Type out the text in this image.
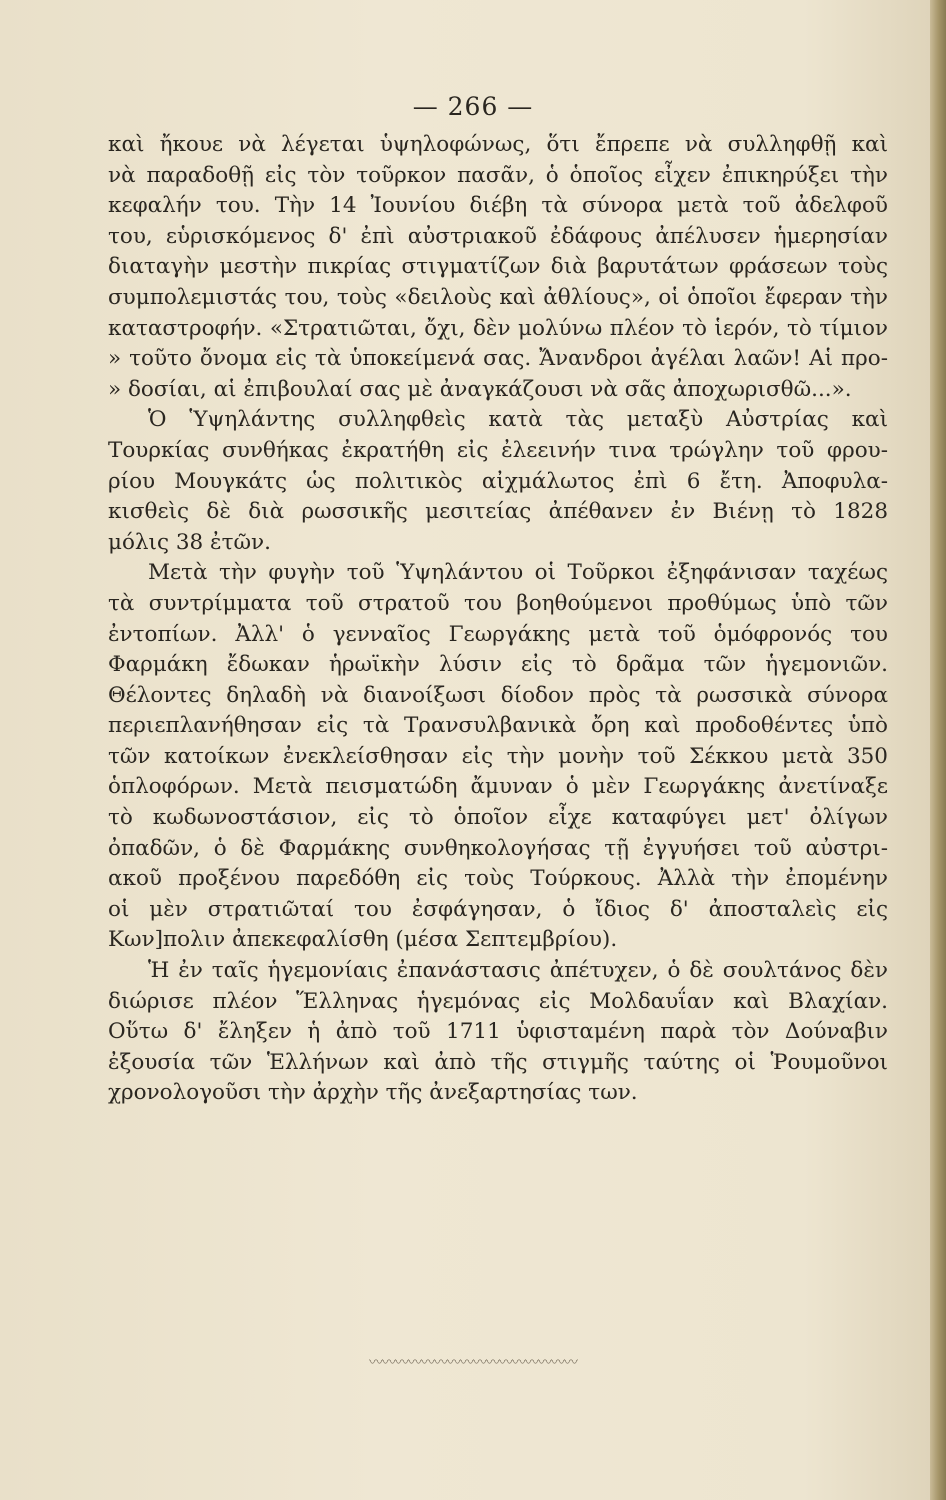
— 266 —
καὶ ἤκουε νὰ λέγεται ὑψηλοφώνως, ὅτι ἔπρεπε νὰ συλληφθῇ καὶ
νὰ παραδοθῇ εἰς τὸν τοῦρκον πασᾶν, ὁ ὁποῖος εἶχεν ἐπικηρύξει τὴν
κεφαλήν του. Τὴν 14 Ἰουνίου διέβη τὰ σύνορα μετὰ τοῦ ἀδελφοῦ
του, εὑρισκόμενος δ' ἐπὶ αὐστριακοῦ ἐδάφους ἀπέλυσεν ἡμερησίαν
διαταγὴν μεστὴν πικρίας στιγματίζων διὰ βαρυτάτων φράσεων τοὺς
συμπολεμιστάς του, τοὺς «δειλοὺς καὶ ἀθλίους», οἱ ὁποῖοι ἔφεραν τὴν
καταστροφήν. «Στρατιῶται, ὄχι, δὲν μολύνω πλέον τὸ ἱερόν, τὸ τίμιον
» τοῦτο ὄνομα εἰς τὰ ὑποκείμενά σας. Ἄνανδροι ἀγέλαι λαῶν! Αἱ προ-
» δοσίαι, αἱ ἐπιβουλαί σας μὲ ἀναγκάζουσι νὰ σᾶς ἀποχωρισθῶ...».
Ὁ Ὑψηλάντης συλληφθεὶς κατὰ τὰς μεταξὺ Αὐστρίας καὶ
Τουρκίας συνθήκας ἐκρατήθη εἰς ἐλεεινήν τινα τρώγλην τοῦ φρου-
ρίου Μουγκάτς ὡς πολιτικὸς αἰχμάλωτος ἐπὶ 6 ἔτη. Ἀποφυλα-
κισθεὶς δὲ διὰ ρωσσικῆς μεσιτείας ἀπέθανεν ἐν Βιένῃ τὸ 1828
μόλις 38 ἐτῶν.
Μετὰ τὴν φυγὴν τοῦ Ὑψηλάντου οἱ Τοῦρκοι ἐξηφάνισαν ταχέως
τὰ συντρίμματα τοῦ στρατοῦ του βοηθούμενοι προθύμως ὑπὸ τῶν
ἐντοπίων. Ἀλλ' ὁ γενναῖος Γεωργάκης μετὰ τοῦ ὁμόφρονός του
Φαρμάκη ἔδωκαν ἡρωϊκὴν λύσιν εἰς τὸ δρᾶμα τῶν ἡγεμονιῶν.
Θέλοντες δηλαδὴ νὰ διανοίξωσι δίοδον πρὸς τὰ ρωσσικὰ σύνορα
περιεπλανήθησαν εἰς τὰ Τρανσυλβανικὰ ὄρη καὶ προδοθέντες ὑπὸ
τῶν κατοίκων ἐνεκλείσθησαν εἰς τὴν μονὴν τοῦ Σέκκου μετὰ 350
ὁπλοφόρων. Μετὰ πεισματώδη ἄμυναν ὁ μὲν Γεωργάκης ἀνετίναξε
τὸ κωδωνοστάσιον, εἰς τὸ ὁποῖον εἶχε καταφύγει μετ' ὀλίγων
ὀπαδῶν, ὁ δὲ Φαρμάκης συνθηκολογήσας τῇ ἐγγυήσει τοῦ αὐστρι-
ακοῦ προξένου παρεδόθη εἰς τοὺς Τούρκους. Ἀλλὰ τὴν ἐπομένην
οἱ μὲν στρατιῶταί του ἐσφάγησαν, ὁ ἴδιος δ' ἀποσταλεὶς εἰς
Κων]πολιν ἀπεκεφαλίσθη (μέσα Σεπτεμβρίου).
Ἡ ἐν ταῖς ἡγεμονίαις ἐπανάστασις ἀπέτυχεν, ὁ δὲ σουλτάνος δὲν
διώρισε πλέον Ἕλληνας ἡγεμόνας εἰς Μολδαυΐαν καὶ Βλαχίαν.
Οὕτω δ' ἔληξεν ἡ ἀπὸ τοῦ 1711 ὑφισταμένη παρὰ τὸν Δούναβιν
ἐξουσία τῶν Ἑλλήνων καὶ ἀπὸ τῆς στιγμῆς ταύτης οἱ Ῥουμοῦνοι
χρονολογοῦσι τὴν ἀρχὴν τῆς ἀνεξαρτησίας των.
〰〰〰〰〰〰〰〰〰〰〰〰〰〰〰〰
